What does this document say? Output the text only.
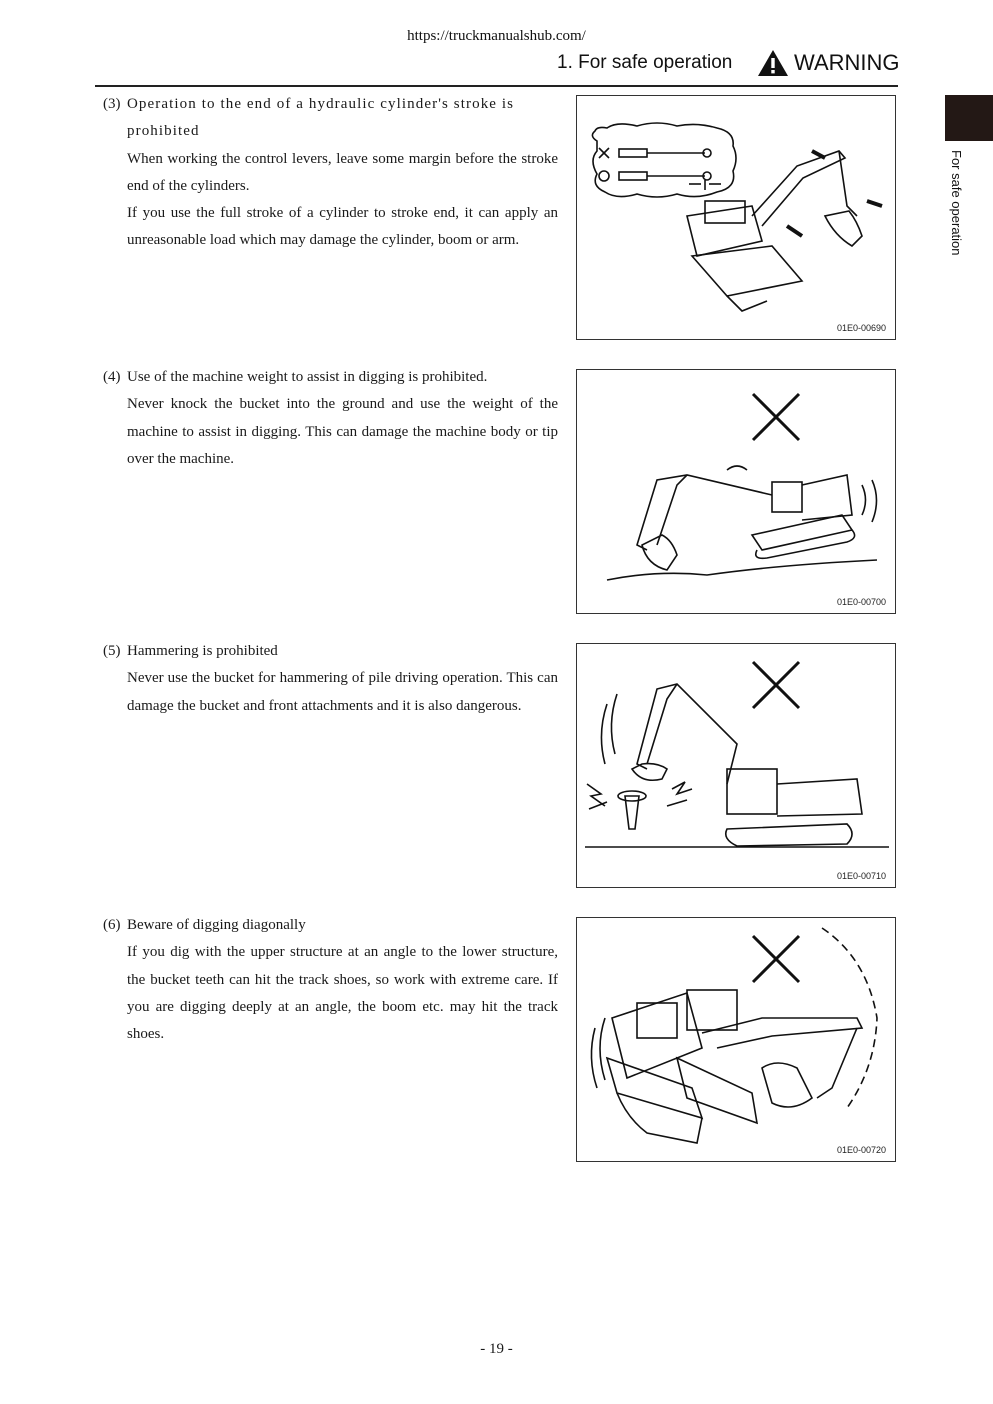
https://truckmanualshub.com/
1. For safe operation	WARNING
For safe operation
(3) Operation to the end of a hydraulic cylinder's stroke is prohibited

When working the control levers, leave some margin before the stroke end of the cylinders.

If you use the full stroke of a cylinder to stroke end, it can apply an unreasonable load which may damage the cylinder, boom or arm.

01E0-00690
(4) Use of the machine weight to assist in digging is prohibited.

Never knock the bucket into the ground and use the weight of the machine to assist in digging. This can damage the machine body or tip over the machine.

01E0-00700
(5) Hammering is prohibited

Never use the bucket for hammering of pile driving operation. This can damage the bucket and front attachments and it is also dangerous.

01E0-00710
(6) Beware of digging diagonally

If you dig with the upper structure at an angle to the lower structure, the bucket teeth can hit the track shoes, so work with extreme care. If you are digging deeply at an angle, the boom etc. may hit the track shoes.

01E0-00720
- 19 -
